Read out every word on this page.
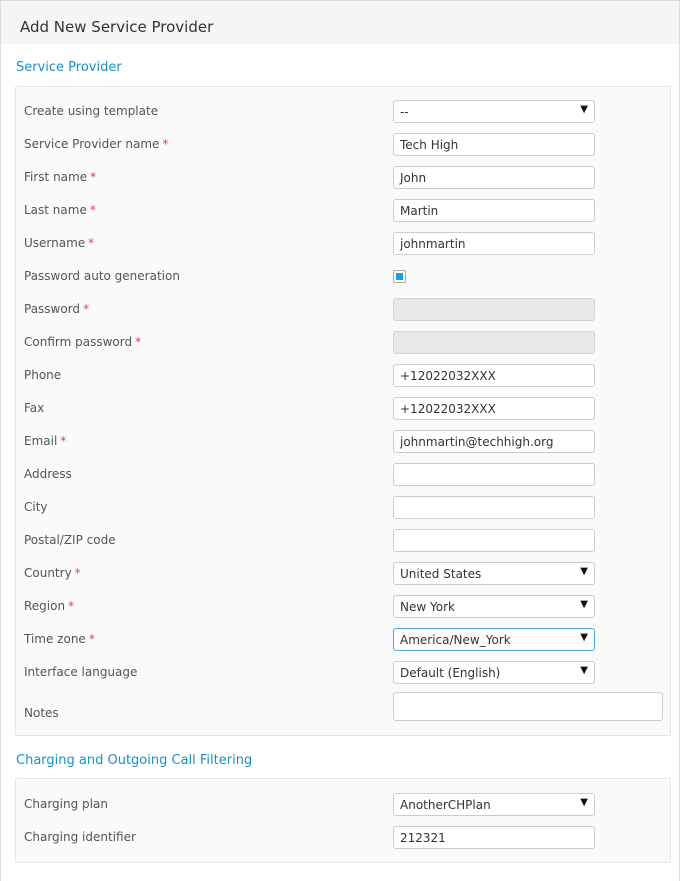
Add New Service Provider
Service Provider
Create using template	--	▼
Service Provider name *	Tech High
First name *	John
Last name *	Martin
Username *	johnmartin
Password auto generation
Password *
Confirm password *
Phone	+12022032XXX
Fax	+12022032XXX
Email *	johnmartin@techhigh.org
Address
City
Postal/ZIP code
Country *	United States	▼
Region *	New York	▼
Time zone *	America/New_York	▼
Interface language	Default (English)	▼
Notes
Charging and Outgoing Call Filtering
Charging plan	AnotherCHPlan	▼
Charging identifier	212321
